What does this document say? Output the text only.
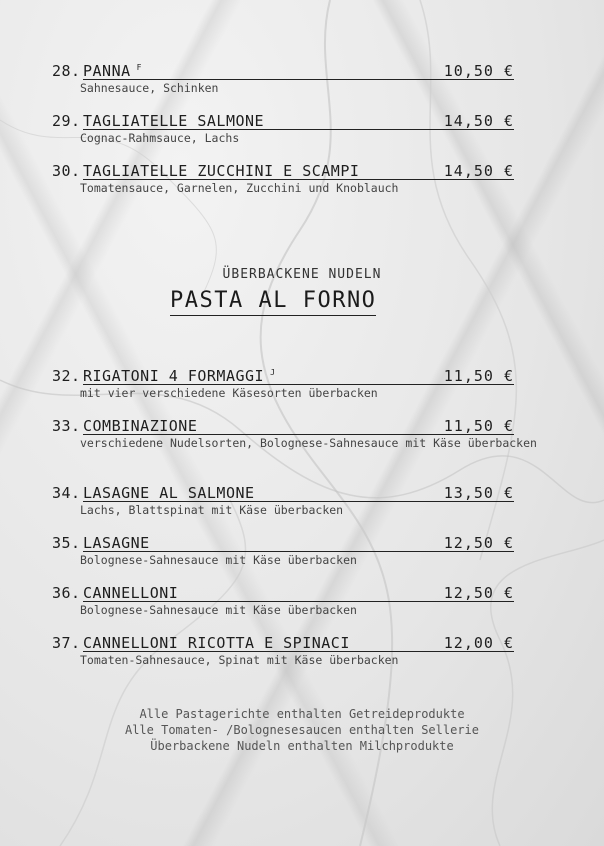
28. PANNA $^F$	10,50 €
Sahnesauce, Schinken
29. TAGLIATELLE SALMONE	14,50 €
Cognac-Rahmsauce, Lachs
30. TAGLIATELLE ZUCCHINI E SCAMPI	14,50 €
Tomatensauce, Garnelen, Zucchini und Knoblauch
ÜBERBACKENE NUDELN
PASTA AL FORNO
32. RIGATONI 4 FORMAGGI $^J$	11,50 €
mit vier verschiedene Käsesorten überbacken
33. COMBINAZIONE	11,50 €
verschiedene Nudelsorten, Bolognese-Sahnesauce mit Käse überbacken
34. LASAGNE AL SALMONE	13,50 €
Lachs, Blattspinat mit Käse überbacken
35. LASAGNE	12,50 €
Bolognese-Sahnesauce mit Käse überbacken
36. CANNELLONI	12,50 €
Bolognese-Sahnesauce mit Käse überbacken
37. CANNELLONI RICOTTA E SPINACI	12,00 €
Tomaten-Sahnesauce, Spinat mit Käse überbacken
Alle Pastagerichte enthalten Getreideprodukte
Alle Tomaten- /Bolognesesaucen enthalten Sellerie
Überbackene Nudeln enthalten Milchprodukte
